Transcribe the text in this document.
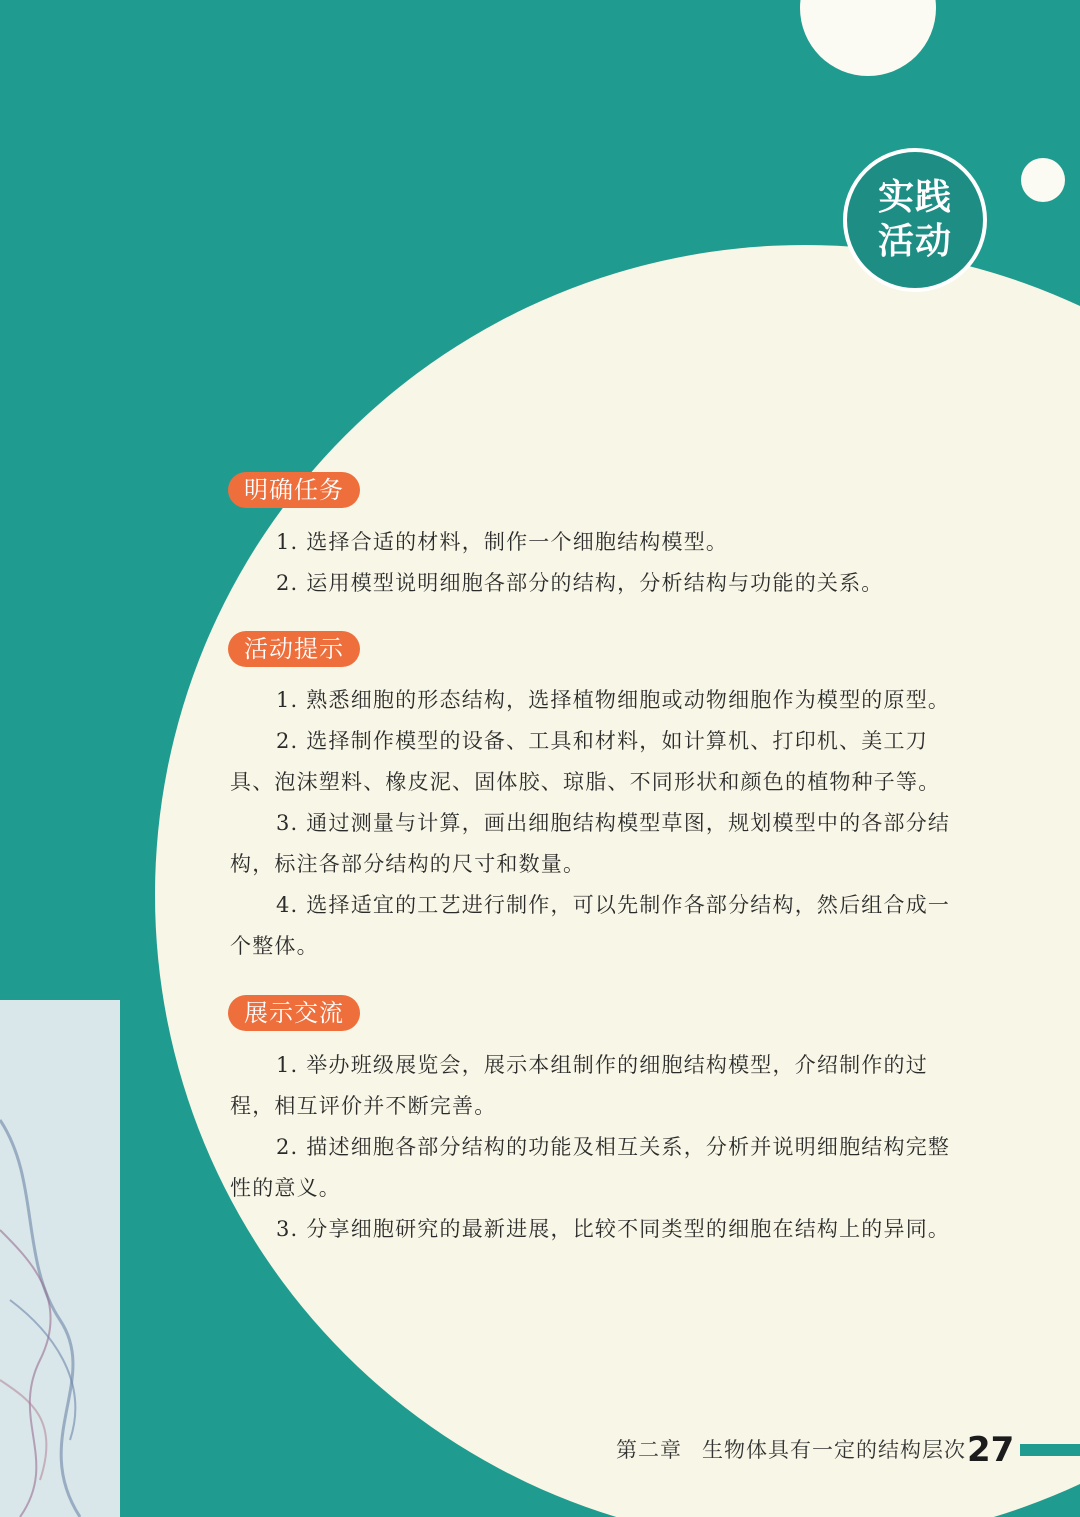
实践
活动
明确任务

1. 选择合适的材料，制作一个细胞结构模型。

2. 运用模型说明细胞各部分的结构，分析结构与功能的关系。

活动提示

1. 熟悉细胞的形态结构，选择植物细胞或动物细胞作为模型的原型。

2. 选择制作模型的设备、工具和材料，如计算机、打印机、美工刀具、泡沫塑料、橡皮泥、固体胶、琼脂、不同形状和颜色的植物种子等。

3. 通过测量与计算，画出细胞结构模型草图，规划模型中的各部分结构，标注各部分结构的尺寸和数量。

4. 选择适宜的工艺进行制作，可以先制作各部分结构，然后组合成一个整体。

展示交流

1. 举办班级展览会，展示本组制作的细胞结构模型，介绍制作的过程，相互评价并不断完善。

2. 描述细胞各部分结构的功能及相互关系，分析并说明细胞结构完整性的意义。

3. 分享细胞研究的最新进展，比较不同类型的细胞在结构上的异同。

第二章 生物体具有一定的结构层次 27
